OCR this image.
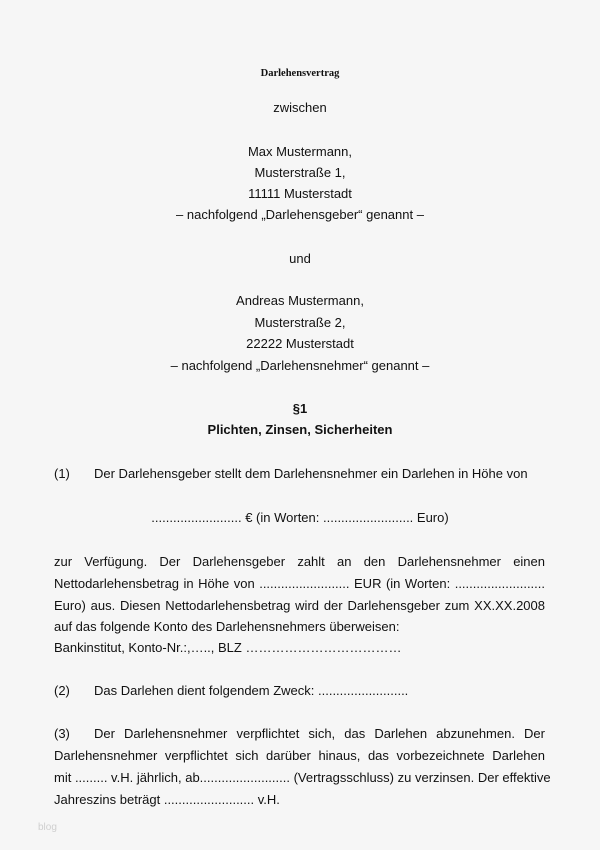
Darlehensvertrag
zwischen
Max Mustermann,
Musterstraße 1,
11111 Musterstadt
– nachfolgend „Darlehensgeber“ genannt –
und
Andreas Mustermann,
Musterstraße 2,
22222 Musterstadt
– nachfolgend „Darlehensnehmer“ genannt –
§1
Plichten, Zinsen, Sicherheiten
(1) Der Darlehensgeber stellt dem Darlehensnehmer ein Darlehen in Höhe von
......................... € (in Worten: ......................... Euro)
zur Verfügung. Der Darlehensgeber zahlt an den Darlehensnehmer einen
Nettodarlehensbetrag in Höhe von ......................... EUR (in Worten: .........................
Euro) aus. Diesen Nettodarlehensbetrag wird der Darlehensgeber zum XX.XX.2008
auf das folgende Konto des Darlehensnehmers überweisen:
Bankinstitut, Konto-Nr.:,….., BLZ ………………………………
(2) Das Darlehen dient folgendem Zweck: .........................
(3)	Der Darlehensnehmer verpflichtet sich, das Darlehen abzunehmen. Der
Darlehensnehmer verpflichtet sich darüber hinaus, das vorbezeichnete Darlehen
mit ......... v.H. jährlich, ab......................... (Vertragsschluss) zu verzinsen. Der effektive
Jahreszins beträgt ......................... v.H.
blog
